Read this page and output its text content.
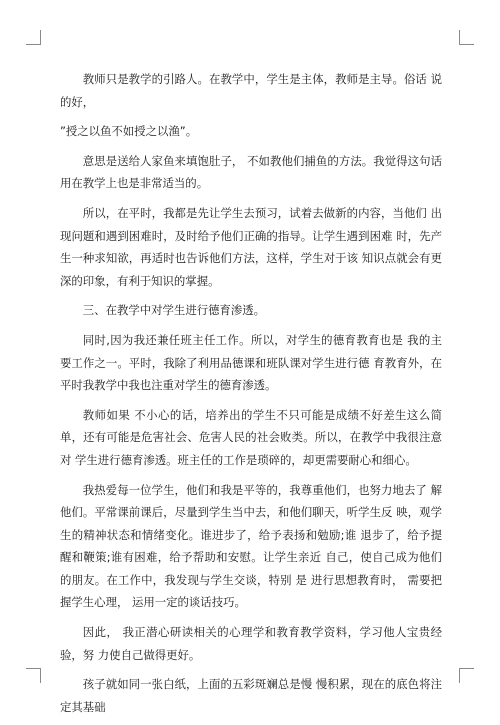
教师只是教学的引路人。在教学中，学生是主体，教师是主导。俗话 说的好，

”授之以鱼不如授之以渔”。

意思是送给人家鱼来填饱肚子， 不如教他们捕鱼的方法。我觉得这句话用在教学上也是非常适当的。

所以，在平时，我都是先让学生去预习，试着去做新的内容，当他们 出现问题和遇到困难时，及时给予他们正确的指导。让学生遇到困难 时，先产生一种求知欲，再适时也告诉他们方法，这样，学生对于该 知识点就会有更深的印象，有利于知识的掌握。

三、在教学中对学生进行德育渗透。

同时,因为我还兼任班主任工作。所以，对学生的德育教育也是 我的主要工作之一。平时，我除了利用品德课和班队课对学生进行德 育教育外，在平时我教学中我也注重对学生的德育渗透。

教师如果 不小心的话，培养出的学生不只可能是成绩不好差生这么简单，还有可能是危害社会、危害人民的社会败类。所以，在教学中我很注意对 学生进行德育渗透。班主任的工作是琐碎的，却更需要耐心和细心。

我热爱每一位学生，他们和我是平等的，我尊重他们，也努力地去了 解他们。平常课前课后，尽量到学生当中去，和他们聊天，听学生反 映，观学生的精神状态和情绪变化。谁进步了，给予表扬和勉励;谁 退步了，给予提醒和鞭策;谁有困难，给予帮助和安慰。让学生亲近 自己，使自己成为他们的朋友。在工作中，我发现与学生交谈，特别 是 进行思想教育时， 需要把握学生心理， 运用一定的谈话技巧。

因此， 我正潜心研读相关的心理学和教育教学资料，学习他人宝贵经验，努 力使自己做得更好。

孩子就如同一张白纸，上面的五彩斑斓总是慢 慢积累，现在的底色将注定其基础
